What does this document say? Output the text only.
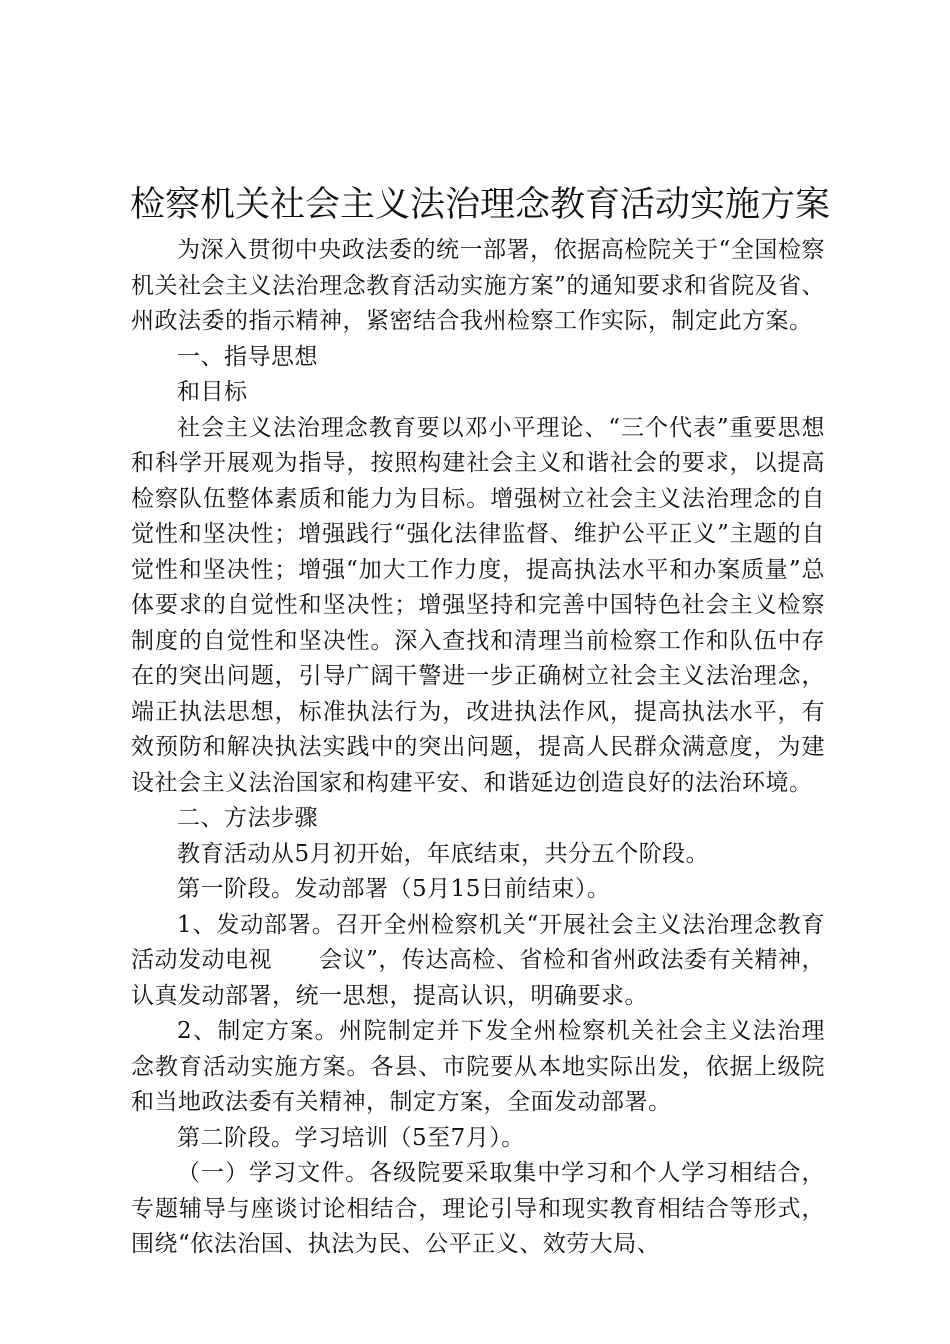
检察机关社会主义法治理念教育活动实施方案

为深入贯彻中央政法委的统一部署，依据高检院关于“全国检察机关社会主义法治理念教育活动实施方案”的通知要求和省院及省、州政法委的指示精神，紧密结合我州检察工作实际，制定此方案。

一、指导思想

和目标

社会主义法治理念教育要以邓小平理论、“三个代表”重要思想和科学开展观为指导，按照构建社会主义和谐社会的要求，以提高检察队伍整体素质和能力为目标。增强树立社会主义法治理念的自觉性和坚决性；增强践行“强化法律监督、维护公平正义”主题的自觉性和坚决性；增强“加大工作力度，提高执法水平和办案质量”总体要求的自觉性和坚决性；增强坚持和完善中国特色社会主义检察制度的自觉性和坚决性。深入查找和清理当前检察工作和队伍中存在的突出问题，引导广阔干警进一步正确树立社会主义法治理念，端正执法思想，标准执法行为，改进执法作风，提高执法水平，有效预防和解决执法实践中的突出问题，提高人民群众满意度，为建设社会主义法治国家和构建平安、和谐延边创造良好的法治环境。

二、方法步骤

教育活动从5月初开始，年底结束，共分五个阶段。

第一阶段。发动部署（5月15日前结束）。

1、发动部署。召开全州检察机关“开展社会主义法治理念教育活动发动电视　　会议”，传达高检、省检和省州政法委有关精神，认真发动部署，统一思想，提高认识，明确要求。

2、制定方案。州院制定并下发全州检察机关社会主义法治理念教育活动实施方案。各县、市院要从本地实际出发，依据上级院和当地政法委有关精神，制定方案，全面发动部署。

第二阶段。学习培训（5至7月）。

（一）学习文件。各级院要采取集中学习和个人学习相结合，专题辅导与座谈讨论相结合，理论引导和现实教育相结合等形式，围绕“依法治国、执法为民、公平正义、效劳大局、
